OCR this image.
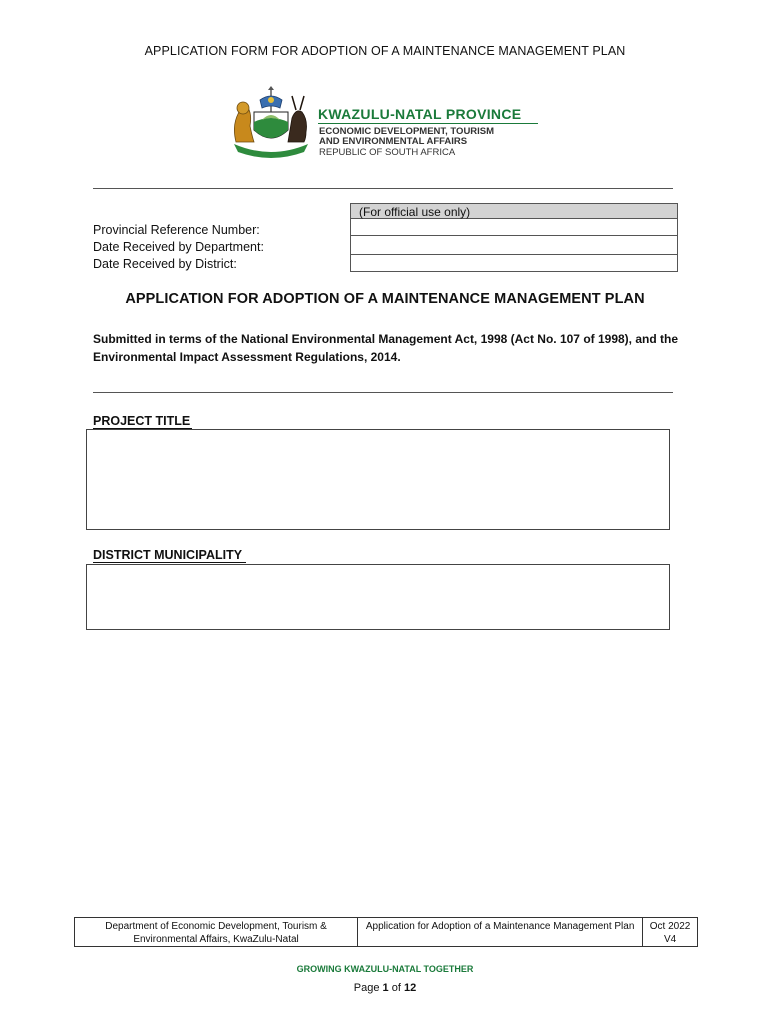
APPLICATION FORM FOR ADOPTION OF A MAINTENANCE MANAGEMENT PLAN
KWAZULU-NATAL PROVINCE
ECONOMIC DEVELOPMENT, TOURISM
AND ENVIRONMENTAL AFFAIRS
REPUBLIC OF SOUTH AFRICA
(For official use only)
Provincial Reference Number:
Date Received by Department:
Date Received by District:
APPLICATION FOR ADOPTION OF A MAINTENANCE MANAGEMENT PLAN
Submitted in terms of the National Environmental Management Act, 1998 (Act No. 107 of 1998), and the Environmental Impact Assessment Regulations, 2014.
PROJECT TITLE
DISTRICT MUNICIPALITY
Department of Economic Development, Tourism & Environmental Affairs, KwaZulu-Natal
Application for Adoption of a Maintenance Management Plan	Oct 2022
V4
GROWING KWAZULU-NATAL TOGETHER
Page 1 of 12
